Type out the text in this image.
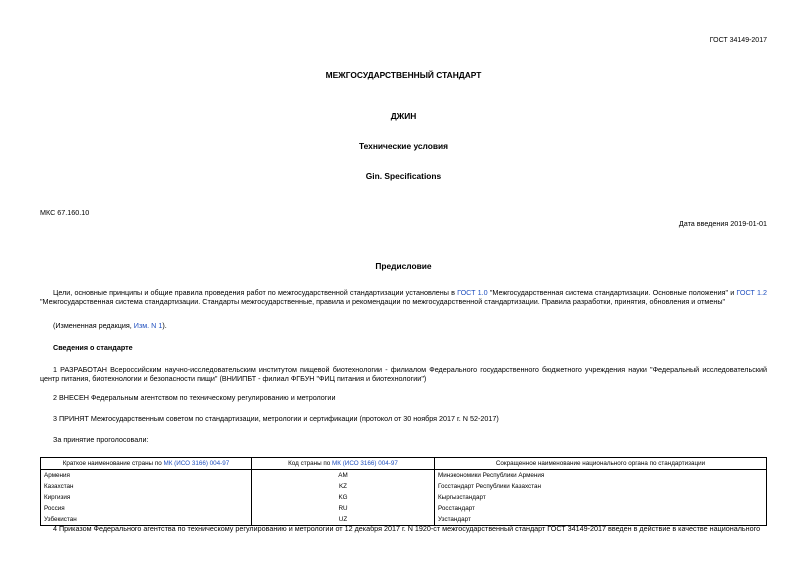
ГОСТ 34149-2017
МЕЖГОСУДАРСТВЕННЫЙ СТАНДАРТ
ДЖИН
Технические условия
Gin. Specifications
МКС 67.160.10
Дата введения 2019-01-01
Предисловие
Цели, основные принципы и общие правила проведения работ по межгосударственной стандартизации установлены в ГОСТ 1.0 "Межгосударственная система стандартизации. Основные положения" и ГОСТ 1.2 "Межгосударственная система стандартизации. Стандарты межгосударственные, правила и рекомендации по межгосударственной стандартизации. Правила разработки, принятия, обновления и отмены"
(Измененная редакция, Изм. N 1).
Сведения о стандарте
1 РАЗРАБОТАН Всероссийским научно-исследовательским институтом пищевой биотехнологии - филиалом Федерального государственного бюджетного учреждения науки "Федеральный исследовательский центр питания, биотехнологии и безопасности пищи" (ВНИИПБТ - филиал ФГБУН "ФИЦ питания и биотехнологии")
2 ВНЕСЕН Федеральным агентством по техническому регулированию и метрологии
3 ПРИНЯТ Межгосударственным советом по стандартизации, метрологии и сертификации (протокол от 30 ноября 2017 г. N 52-2017)
За принятие проголосовали:
Краткое наименование страны по МК (ИСО 3166) 004-97	Код страны по МК (ИСО 3166) 004-97	Сокращенное наименование национального органа по стандартизации
Армения	AM	Минэкономики Республики Армения
Казахстан	KZ	Госстандарт Республики Казахстан
Киргизия	KG	Кыргызстандарт
Россия	RU	Росстандарт
Узбекистан	UZ	Узстандарт
4 Приказом Федерального агентства по техническому регулированию и метрологии от 12 декабря 2017 г. N 1920-ст межгосударственный стандарт ГОСТ 34149-2017 введен в действие в качестве национального
